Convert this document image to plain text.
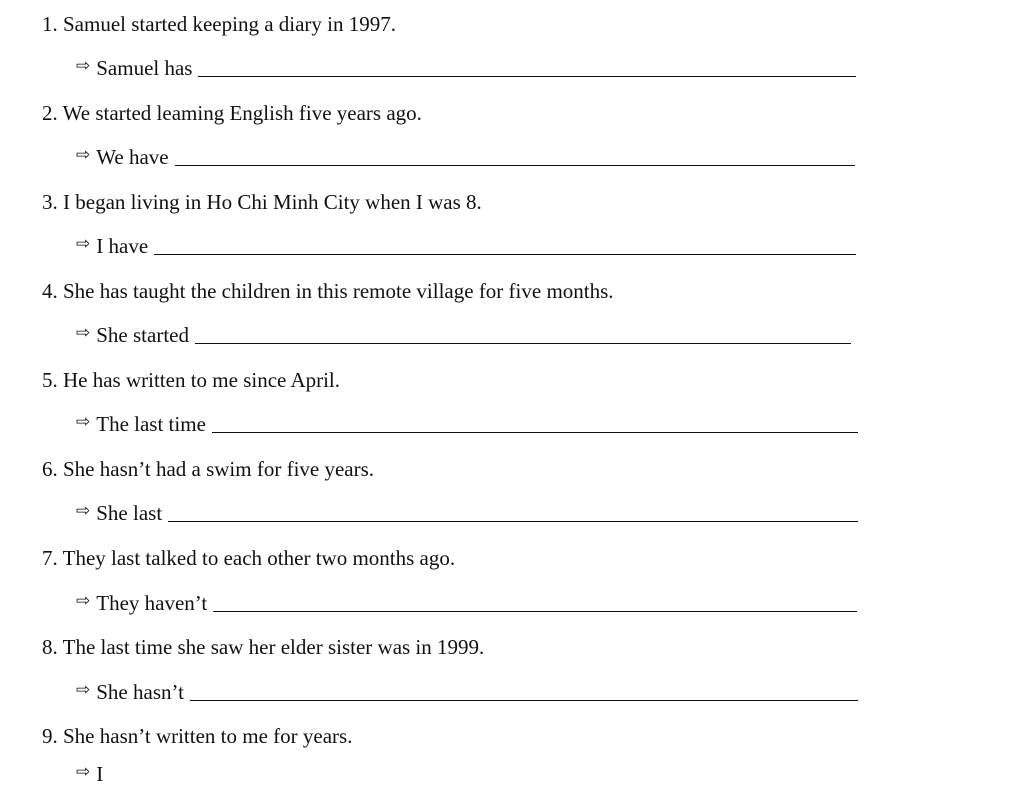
1. Samuel started keeping a diary in 1997.
⇨ Samuel has
2. We started leaming English five years ago.
⇨ We have
3. I began living in Ho Chi Minh City when I was 8.
⇨ I have
4. She has taught the children in this remote village for five months.
⇨ She started
5. He has written to me since April.
⇨ The last time
6. She hasn’t had a swim for five years.
⇨ She last
7. They last talked to each other two months ago.
⇨ They haven’t
8. The last time she saw her elder sister was in 1999.
⇨ She hasn’t
9. She hasn’t written to me for years.
⇨ I
